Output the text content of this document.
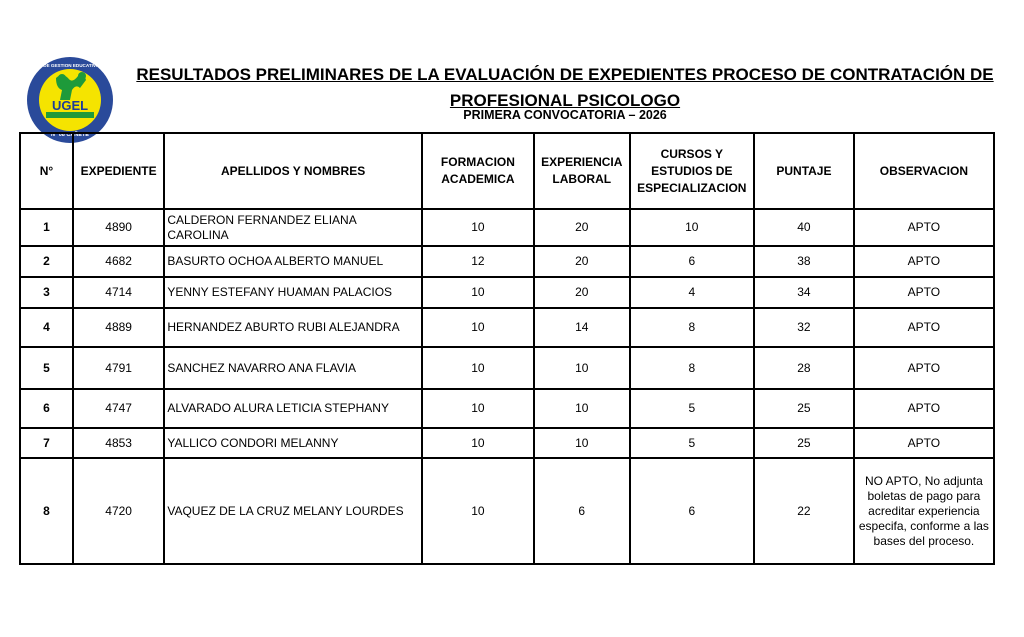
UGEL
N° 08 CAÑETE
UNIDAD DE GESTION EDUCATIVA LOCAL	RESULTADOS PRELIMINARES DE LA EVALUACIÓN DE EXPEDIENTES PROCESO DE CONTRATACIÓN DE
PROFESIONAL PSICOLOGO
PRIMERA CONVOCATORIA – 2026
N°	EXPEDIENTE	APELLIDOS Y NOMBRES	FORMACION ACADEMICA	EXPERIENCIA LABORAL	CURSOS Y ESTUDIOS DE ESPECIALIZACION	PUNTAJE	OBSERVACION
1	4890	CALDERON FERNANDEZ ELIANA CAROLINA	10	20	10	40	APTO
2	4682	BASURTO OCHOA ALBERTO MANUEL	12	20	6	38	APTO
3	4714	YENNY ESTEFANY HUAMAN PALACIOS	10	20	4	34	APTO
4	4889	HERNANDEZ ABURTO RUBI ALEJANDRA	10	14	8	32	APTO
5	4791	SANCHEZ NAVARRO ANA FLAVIA	10	10	8	28	APTO
6	4747	ALVARADO ALURA LETICIA STEPHANY	10	10	5	25	APTO
7	4853	YALLICO CONDORI MELANNY	10	10	5	25	APTO
8	4720	VAQUEZ DE LA CRUZ MELANY LOURDES	10	6	6	22	NO APTO, No adjunta boletas de pago para acreditar experiencia especifa, conforme a las bases del proceso.
